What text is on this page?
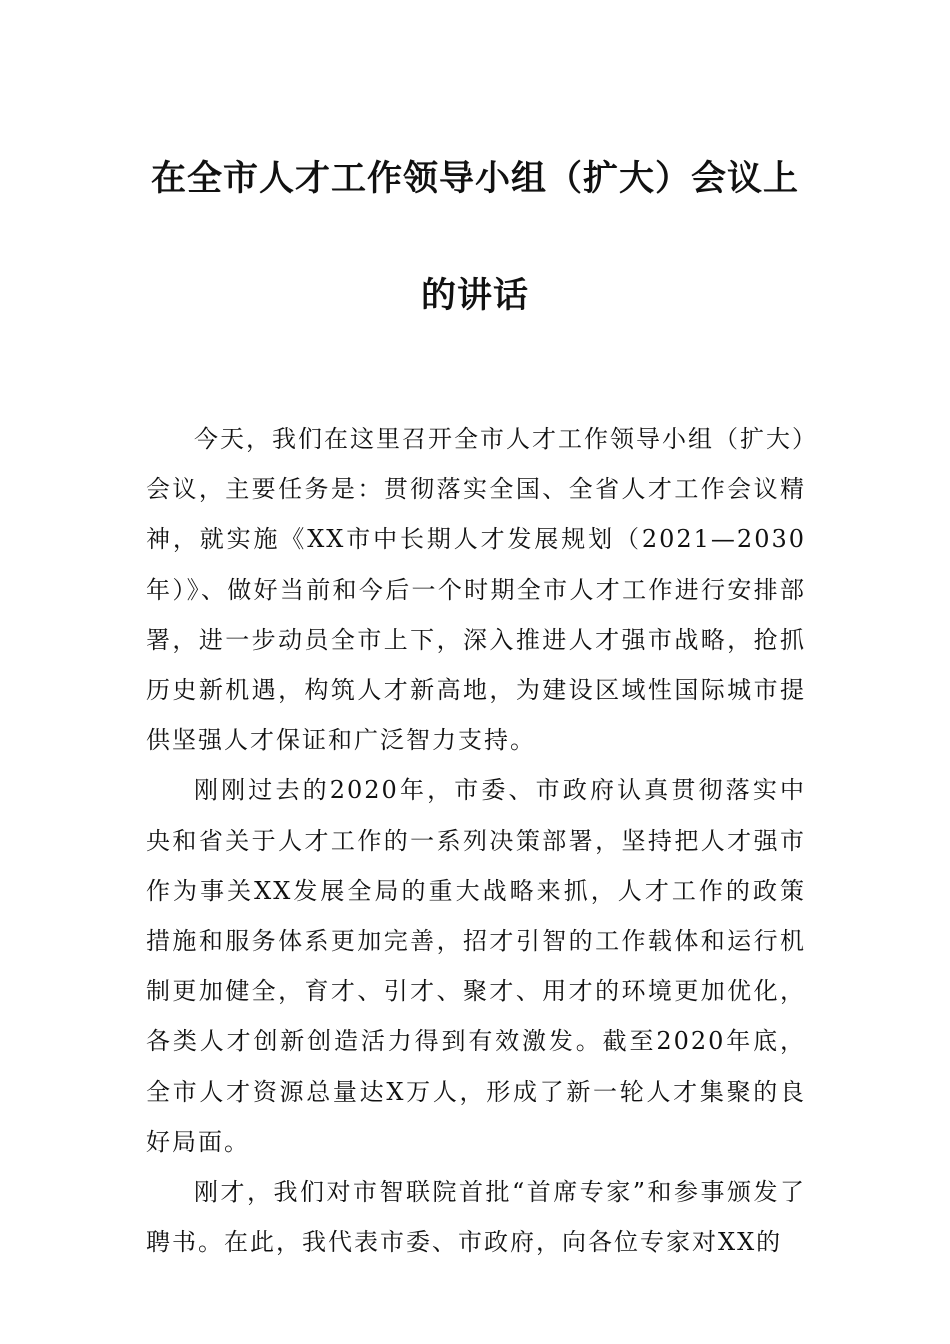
在全市人才工作领导小组（扩大）会议上
的讲话

今天，我们在这里召开全市人才工作领导小组（扩大）会议，主要任务是：贯彻落实全国、全省人才工作会议精神，就实施《XX市中长期人才发展规划（2021—2030年）》、做好当前和今后一个时期全市人才工作进行安排部署，进一步动员全市上下，深入推进人才强市战略，抢抓历史新机遇，构筑人才新高地，为建设区域性国际城市提供坚强人才保证和广泛智力支持。

刚刚过去的2020年，市委、市政府认真贯彻落实中央和省关于人才工作的一系列决策部署，坚持把人才强市作为事关XX发展全局的重大战略来抓，人才工作的政策措施和服务体系更加完善，招才引智的工作载体和运行机制更加健全，育才、引才、聚才、用才的环境更加优化，各类人才创新创造活力得到有效激发。截至2020年底，全市人才资源总量达X万人，形成了新一轮人才集聚的良好局面。

刚才，我们对市智联院首批“首席专家”和参事颁发了聘书。在此，我代表市委、市政府，向各位专家对XX的
